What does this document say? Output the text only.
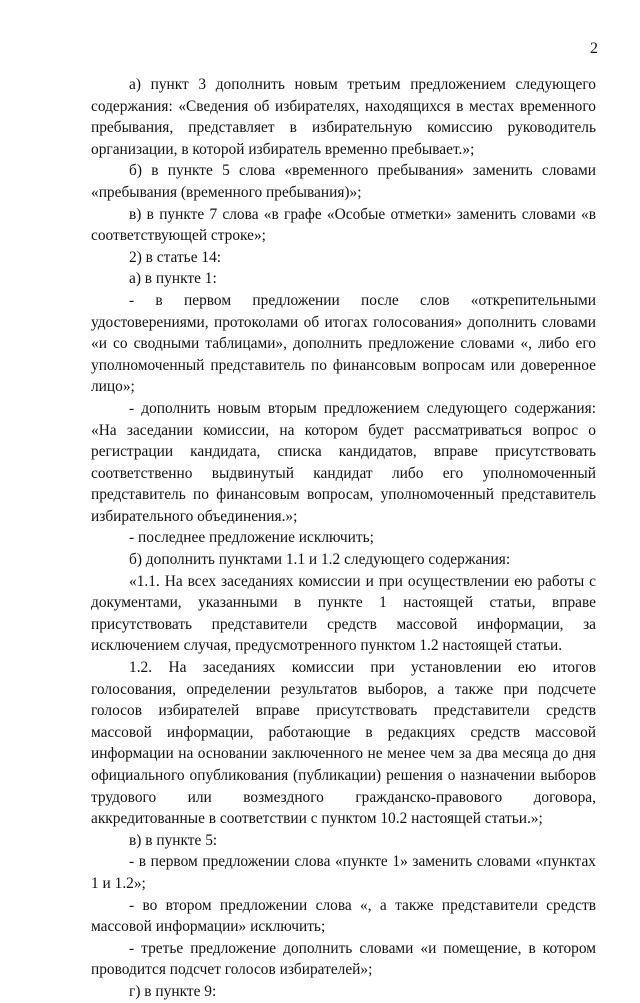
2

а) пункт 3 дополнить новым третьим предложением следующего содержания: «Сведения об избирателях, находящихся в местах временного пребывания, представляет в избирательную комиссию руководитель организации, в которой избиратель временно пребывает.»;

б) в пункте 5 слова «временного пребывания» заменить словами «пребывания (временного пребывания)»;

в) в пункте 7 слова «в графе «Особые отметки» заменить словами «в соответствующей строке»;

2) в статье 14:

а) в пункте 1:

- в первом предложении после слов «открепительными удостоверениями, протоколами об итогах голосования» дополнить словами «и со сводными таблицами», дополнить предложение словами «, либо его уполномоченный представитель по финансовым вопросам или доверенное лицо»;

- дополнить новым вторым предложением следующего содержания: «На заседании комиссии, на котором будет рассматриваться вопрос о регистрации кандидата, списка кандидатов, вправе присутствовать соответственно выдвинутый кандидат либо его уполномоченный представитель по финансовым вопросам, уполномоченный представитель избирательного объединения.»;

- последнее предложение исключить;

б) дополнить пунктами 1.1 и 1.2 следующего содержания:

«1.1. На всех заседаниях комиссии и при осуществлении ею работы с документами, указанными в пункте 1 настоящей статьи, вправе присутствовать представители средств массовой информации, за исключением случая, предусмотренного пунктом 1.2 настоящей статьи.

1.2. На заседаниях комиссии при установлении ею итогов голосования, определении результатов выборов, а также при подсчете голосов избирателей вправе присутствовать представители средств массовой информации, работающие в редакциях средств массовой информации на основании заключенного не менее чем за два месяца до дня официального опубликования (публикации) решения о назначении выборов трудового или возмездного гражданско-правового договора, аккредитованные в соответствии с пунктом 10.2 настоящей статьи.»;

в) в пункте 5:

- в первом предложении слова «пункте 1» заменить словами «пунктах 1 и 1.2»;

- во втором предложении слова «, а также представители средств массовой информации» исключить;

- третье предложение дополнить словами «и помещение, в котором проводится подсчет голосов избирателей»;

г) в пункте 9:
